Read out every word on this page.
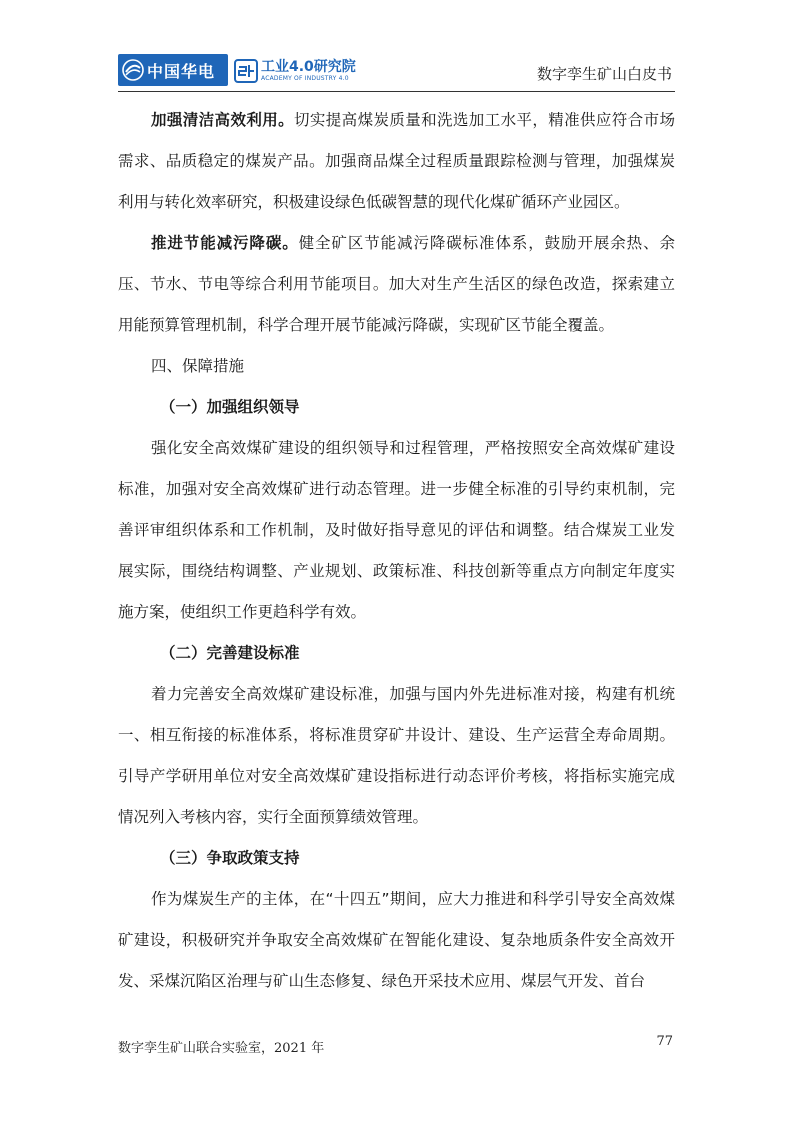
中国华电	工业4.0研究院
ACADEMY OF INDUSTRY 4.0	数字孪生矿山白皮书

加强清洁高效利用。切实提高煤炭质量和洗选加工水平，精准供应符合市场需求、品质稳定的煤炭产品。加强商品煤全过程质量跟踪检测与管理，加强煤炭利用与转化效率研究，积极建设绿色低碳智慧的现代化煤矿循环产业园区。

推进节能减污降碳。健全矿区节能减污降碳标准体系，鼓励开展余热、余压、节水、节电等综合利用节能项目。加大对生产生活区的绿色改造，探索建立用能预算管理机制，科学合理开展节能减污降碳，实现矿区节能全覆盖。

四、保障措施

（一）加强组织领导

强化安全高效煤矿建设的组织领导和过程管理，严格按照安全高效煤矿建设标准，加强对安全高效煤矿进行动态管理。进一步健全标准的引导约束机制，完善评审组织体系和工作机制，及时做好指导意见的评估和调整。结合煤炭工业发展实际，围绕结构调整、产业规划、政策标准、科技创新等重点方向制定年度实施方案，使组织工作更趋科学有效。

（二）完善建设标准

着力完善安全高效煤矿建设标准，加强与国内外先进标准对接，构建有机统一、相互衔接的标准体系，将标准贯穿矿井设计、建设、生产运营全寿命周期。引导产学研用单位对安全高效煤矿建设指标进行动态评价考核，将指标实施完成情况列入考核内容，实行全面预算绩效管理。

（三）争取政策支持

作为煤炭生产的主体，在“十四五”期间，应大力推进和科学引导安全高效煤矿建设，积极研究并争取安全高效煤矿在智能化建设、复杂地质条件安全高效开发、采煤沉陷区治理与矿山生态修复、绿色开采技术应用、煤层气开发、首台

数字孪生矿山联合实验室，2021 年	77
